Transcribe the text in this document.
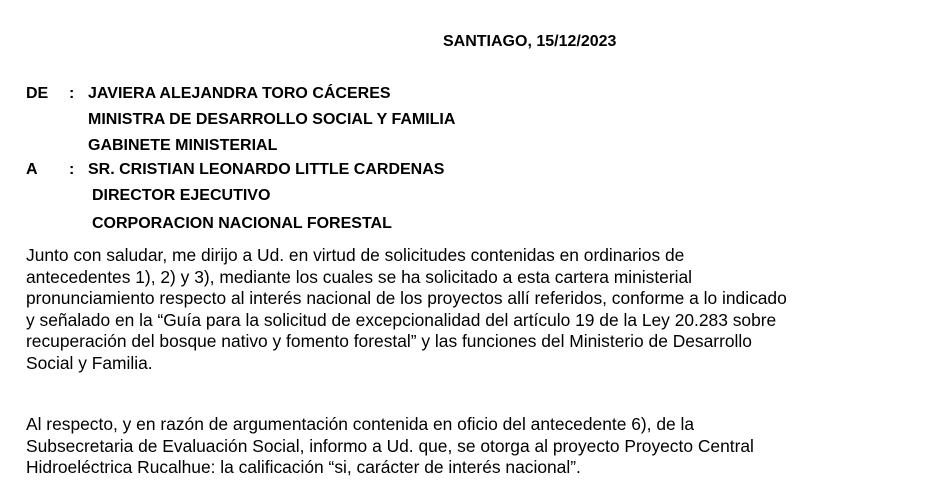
SANTIAGO, 15/12/2023
DE : JAVIERA ALEJANDRA TORO CÁCERES
MINISTRA DE DESARROLLO SOCIAL Y FAMILIA
GABINETE MINISTERIAL
A : SR. CRISTIAN LEONARDO LITTLE CARDENAS
DIRECTOR EJECUTIVO
CORPORACION NACIONAL FORESTAL

Junto con saludar, me dirijo a Ud. en virtud de solicitudes contenidas en ordinarios de
antecedentes 1), 2) y 3), mediante los cuales se ha solicitado a esta cartera ministerial
pronunciamiento respecto al interés nacional de los proyectos allí referidos, conforme a lo indicado
y señalado en la “Guía para la solicitud de excepcionalidad del artículo 19 de la Ley 20.283 sobre
recuperación del bosque nativo y fomento forestal” y las funciones del Ministerio de Desarrollo
Social y Familia.

Al respecto, y en razón de argumentación contenida en oficio del antecedente 6), de la
Subsecretaria de Evaluación Social, informo a Ud. que, se otorga al proyecto Proyecto Central
Hidroeléctrica Rucalhue: la calificación “si, carácter de interés nacional”.
